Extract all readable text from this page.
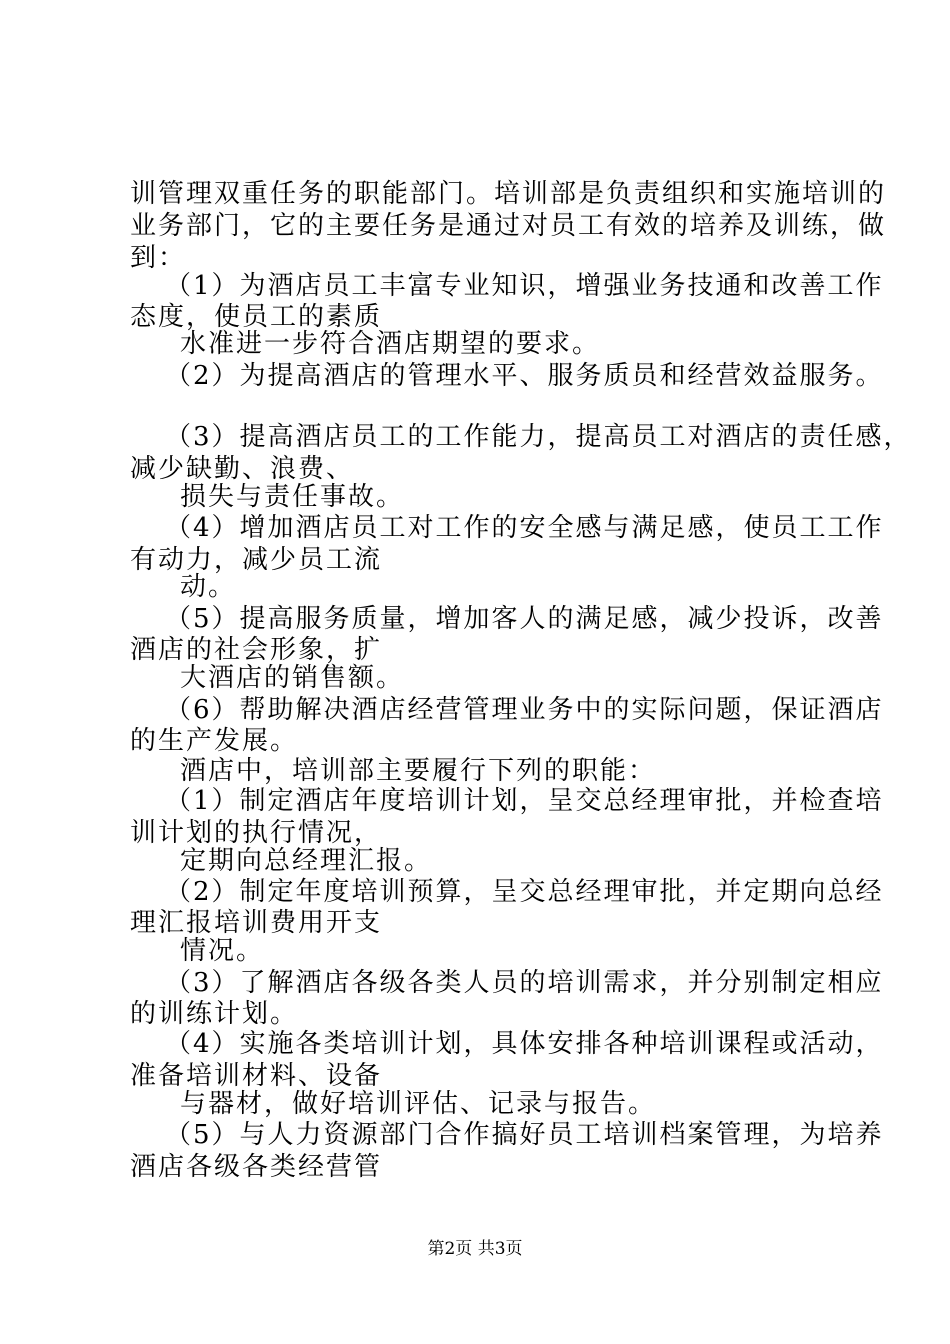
训管理双重任务的职能部门。培训部是负责组织和实施培训的
业务部门，它的主要任务是通过对员工有效的培养及训练，做
到：
（1）为酒店员工丰富专业知识，增强业务技通和改善工作
态度，使员工的素质
水准进一步符合酒店期望的要求。
（2）为提高酒店的管理水平、服务质员和经营效益服务。
（3）提高酒店员工的工作能力，提高员工对酒店的责任感，
减少缺勤、浪费、
损失与责任事故。
（4）增加酒店员工对工作的安全感与满足感，使员工工作
有动力，减少员工流
动。
（5）提高服务质量，增加客人的满足感，减少投诉，改善
酒店的社会形象，扩
大酒店的销售额。
（6）帮助解决酒店经营管理业务中的实际问题，保证酒店
的生产发展。
酒店中，培训部主要履行下列的职能：
（1）制定酒店年度培训计划，呈交总经理审批，并检查培
训计划的执行情况，
定期向总经理汇报。
（2）制定年度培训预算，呈交总经理审批，并定期向总经
理汇报培训费用开支
情况。
（3）了解酒店各级各类人员的培训需求，并分别制定相应
的训练计划。
（4）实施各类培训计划，具体安排各种培训课程或活动，
准备培训材料、设备
与器材，做好培训评估、记录与报告。
（5）与人力资源部门合作搞好员工培训档案管理，为培养
酒店各级各类经营管
第2页 共3页
